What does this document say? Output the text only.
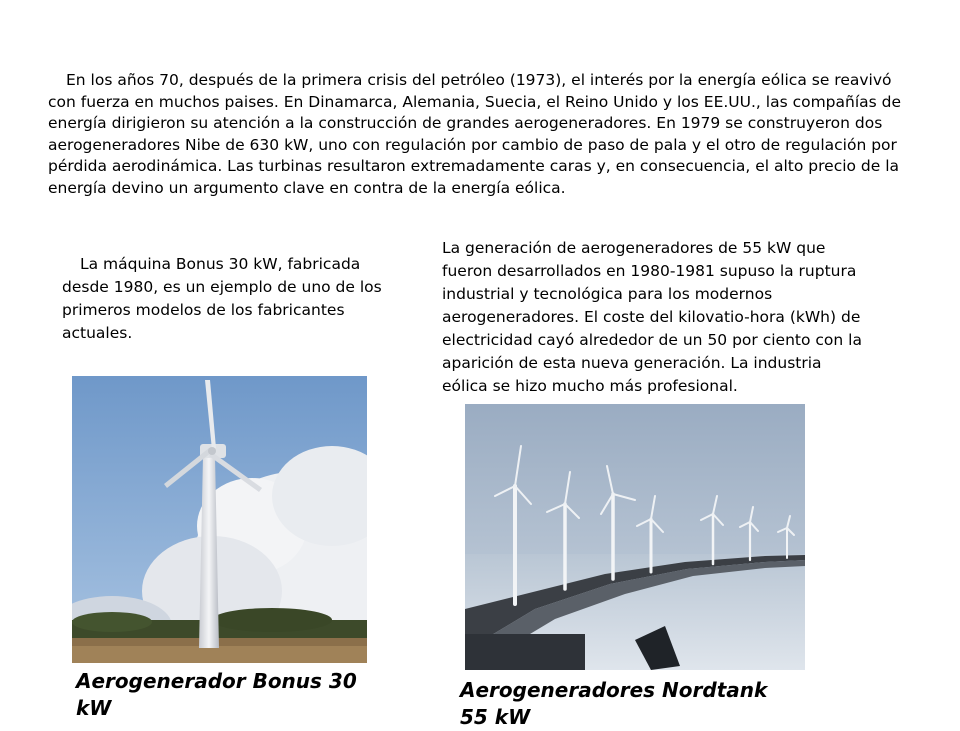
En los años 70, después de la primera crisis del petróleo (1973), el interés por la energía eólica se reavivó con fuerza en muchos paises. En Dinamarca, Alemania, Suecia, el Reino Unido y los EE.UU., las compañías de energía dirigieron su atención a la construcción de grandes aerogeneradores. En 1979 se construyeron dos aerogeneradores Nibe de 630 kW, uno con regulación por cambio de paso de pala y el otro de regulación por pérdida aerodinámica. Las turbinas resultaron extremadamente caras y, en consecuencia, el alto precio de la energía devino un argumento clave en contra de la energía eólica.

La máquina Bonus 30 kW, fabricada desde 1980, es un ejemplo de uno de los primeros modelos de los fabricantes actuales.

La generación de aerogeneradores de 55 kW que fueron desarrollados en 1980-1981 supuso la ruptura industrial y tecnológica para los modernos aerogeneradores. El coste del kilovatio-hora (kWh) de electricidad cayó alrededor de un 50 por ciento con la aparición de esta nueva generación. La industria eólica se hizo mucho más profesional.

Aerogenerador Bonus 30 kW

Aerogeneradores Nordtank 55 kW
